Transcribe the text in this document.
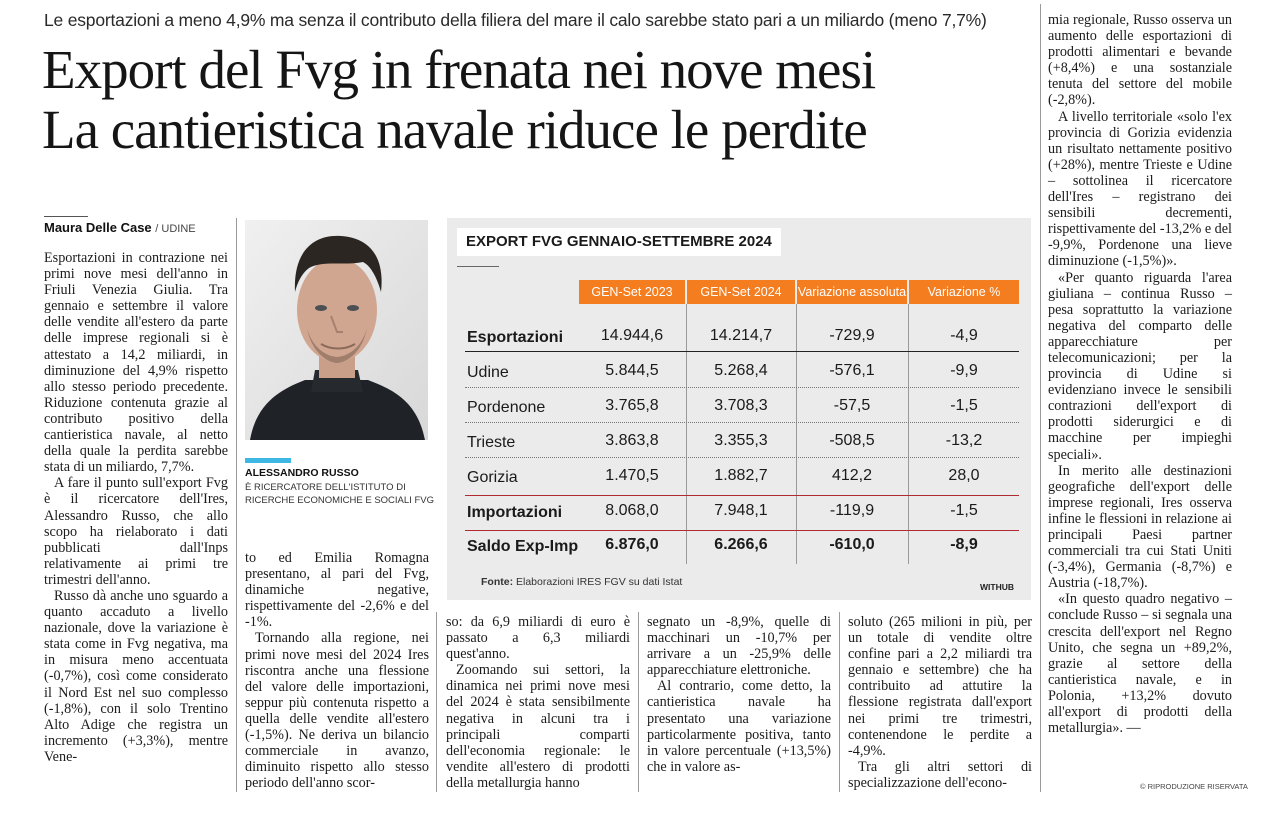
Le esportazioni a meno 4,9% ma senza il contributo della filiera del mare il calo sarebbe stato pari a un miliardo (meno 7,7%)
Export del Fvg in frenata nei nove mesi
La cantieristica navale riduce le perdite
Maura Delle Case / UDINE

Esportazioni in contrazione nei primi nove mesi dell'anno in Friuli Venezia Giulia. Tra gennaio e settembre il valore delle vendite all'estero da parte delle imprese regionali si è attestato a 14,2 miliardi, in diminuzione del 4,9% rispetto allo stesso periodo precedente. Riduzione contenuta grazie al contributo positivo della cantieristica navale, al netto della quale la perdita sarebbe stata di un miliardo, 7,7%.

A fare il punto sull'export Fvg è il ricercatore dell'Ires, Alessandro Russo, che allo scopo ha rielaborato i dati pubblicati dall'Inps relativamente ai primi tre trimestri dell'anno.

Russo dà anche uno sguardo a quanto accaduto a livello nazionale, dove la variazione è stata come in Fvg negativa, ma in misura meno accentuata (-0,7%), così come considerato il Nord Est nel suo complesso (-1,8%), con il solo Trentino Alto Adige che registra un incremento (+3,3%), mentre Vene-

ALESSANDRO RUSSO
È RICERCATORE DELL'ISTITUTO DI RICERCHE ECONOMICHE E SOCIALI FVG

to ed Emilia Romagna presentano, al pari del Fvg, dinamiche negative, rispettivamente del -2,6% e del -1%.

Tornando alla regione, nei primi nove mesi del 2024 Ires riscontra anche una flessione del valore delle importazioni, seppur più contenuta rispetto a quella delle vendite all'estero (-1,5%). Ne deriva un bilancio commerciale in avanzo, diminuito rispetto allo stesso periodo dell'anno scor-

so: da 6,9 miliardi di euro è passato a 6,3 miliardi quest'anno.

Zoomando sui settori, la dinamica nei primi nove mesi del 2024 è stata sensibilmente negativa in alcuni tra i principali comparti dell'economia regionale: le vendite all'estero di prodotti della metallurgia hanno

segnato un -8,9%, quelle di macchinari un -10,7% per arrivare a un -25,9% delle apparecchiature elettroniche.

Al contrario, come detto, la cantieristica navale ha presentato una variazione particolarmente positiva, tanto in valore percentuale (+13,5%) che in valore as-

soluto (265 milioni in più, per un totale di vendite oltre confine pari a 2,2 miliardi tra gennaio e settembre) che ha contribuito ad attutire la flessione registrata dall'export nei primi tre trimestri, contenendone le perdite a -4,9%.

Tra gli altri settori di specializzazione dell'econo-

mia regionale, Russo osserva un aumento delle esportazioni di prodotti alimentari e bevande (+8,4%) e una sostanziale tenuta del settore del mobile (-2,8%).

A livello territoriale «solo l'ex provincia di Gorizia evidenzia un risultato nettamente positivo (+28%), mentre Trieste e Udine – sottolinea il ricercatore dell'Ires – registrano dei sensibili decrementi, rispettivamente del -13,2% e del -9,9%, Pordenone una lieve diminuzione (-1,5%)».

«Per quanto riguarda l'area giuliana – continua Russo – pesa soprattutto la variazione negativa del comparto delle apparecchiature per telecomunicazioni; per la provincia di Udine si evidenziano invece le sensibili contrazioni dell'export di prodotti siderurgici e di macchine per impieghi speciali».

In merito alle destinazioni geografiche dell'export delle imprese regionali, Ires osserva infine le flessioni in relazione ai principali Paesi partner commerciali tra cui Stati Uniti (-3,4%), Germania (-8,7%) e Austria (-18,7%).

«In questo quadro negativo – conclude Russo – si segnala una crescita dell'export nel Regno Unito, che segna un +89,2%, grazie al settore della cantieristica navale, e in Polonia, +13,2% dovuto all'export di prodotti della metallurgia». —

© RIPRODUZIONE RISERVATA
EXPORT FVG GENNAIO-SETTEMBRE 2024
GEN-Set 2023	GEN-Set 2024	Variazione assoluta	Variazione %
Esportazioni	14.944,6	14.214,7	-729,9	-4,9
Udine	5.844,5	5.268,4	-576,1	-9,9
Pordenone	3.765,8	3.708,3	-57,5	-1,5
Trieste	3.863,8	3.355,3	-508,5	-13,2
Gorizia	1.470,5	1.882,7	412,2	28,0
Importazioni	8.068,0	7.948,1	-119,9	-1,5
Saldo Exp-Imp	6.876,0	6.266,6	-610,0	-8,9
Fonte: Elaborazioni IRES FGV su dati Istat	WITHUB
